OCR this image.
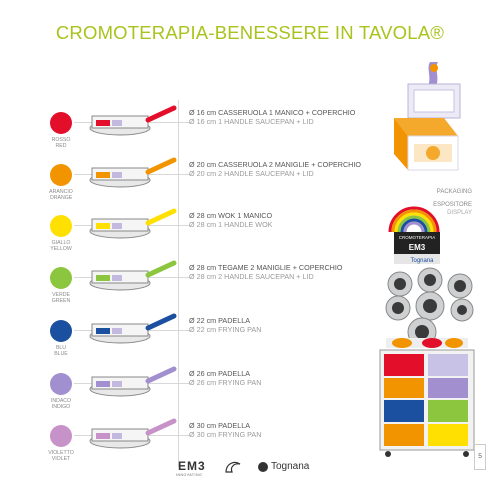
CROMOTERAPIA-BENESSERE IN TAVOLA®
ROSSO
RED
Ø 16 cm CASSERUOLA 1 MANICO + COPERCHIO
Ø 16 cm 1 HANDLE SAUCEPAN + LID
ARANCIO
ORANGE
Ø 20 cm CASSERUOLA 2 MANIGLIE + COPERCHIO
Ø 20 cm 2 HANDLE SAUCEPAN + LID
GIALLO
YELLOW
Ø 28 cm WOK 1 MANICO
Ø 28 cm 1 HANDLE WOK
VERDE
GREEN
Ø 28 cm TEGAME 2 MANIGLIE + COPERCHIO
Ø 28 cm 2 HANDLE SAUCEPAN + LID
BLU
BLUE
Ø 22 cm PADELLA
Ø 22 cm FRYING PAN
INDACO
INDIGO
Ø 26 cm PADELLA
Ø 26 cm FRYING PAN
VIOLETTO
VIOLET
Ø 30 cm PADELLA
Ø 30 cm FRYING PAN
PACKAGING
ESPOSITORE
DISPLAY
CROMOTERAPIA
EM3
Tognana
EM3
INNOVATING
Tognana
5
